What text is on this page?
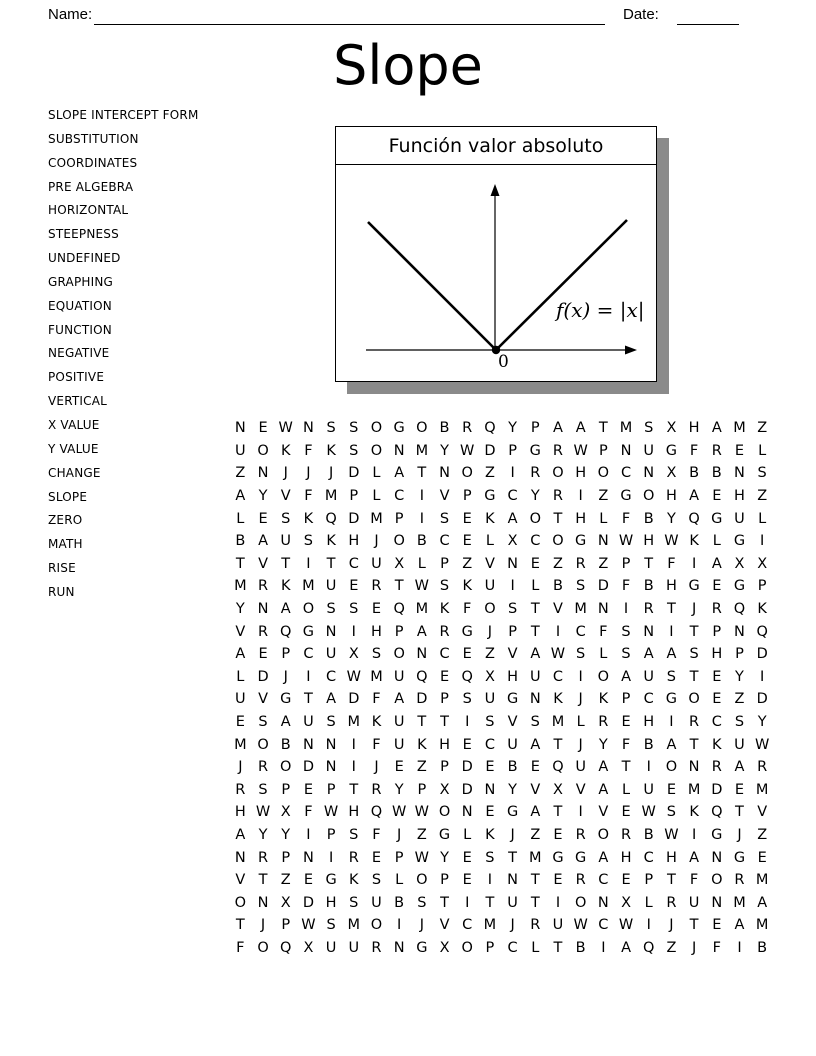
Name:	Date:
Slope
SLOPE INTERCEPT FORM
SUBSTITUTION
COORDINATES
PRE ALGEBRA
HORIZONTAL
STEEPNESS
UNDEFINED
GRAPHING
EQUATION
FUNCTION
NEGATIVE
POSITIVE
VERTICAL
X VALUE
Y VALUE
CHANGE
SLOPE
ZERO
MATH
RISE
RUN
Función valor absoluto
0
f(x) = |x|
N E W N S S O G O B R Q Y P A A T M S X H A M Z
U O K F K S O N M Y W D P G R W P N U G F R E L
Z N	J	J	J	D L A T N O Z	I	R O H O C N X B B N S
A Y V F M P L C	I	V P G C Y R	I	Z G O H A E H Z
L E S K Q D M P	I	S E K A O T H L F B Y Q G U L
B A U S K H	J	O B C E L X C O G N W H W K L G	I
T V T	I	T C U X L P Z V N E Z R Z P T F	I	A X X
M R K M U E R T W S K U	I	L B S D F B H G E G P
Y N A O S S E Q M K F O S T V M N	I	R T	J	R Q K
V R Q G N	I	H P A R G	J	P T	I	C F S N	I	T P N Q
A E P C U X S O N C E Z V A W S L S A A S H P D
L D	J	I	C W M U Q E Q X H U C	I	O A U S T E Y	I
U V G T A D F A D P S U G N K	J	K P C G O E Z D
E S A U S M K U T T	I	S V S M L R E H	I	R C S Y
M O B N N	I	F U K H E C U A T	J	Y F B A T K U W
J	R O D N	I	J	E Z P D E B E Q U A T	I	O N R A R
R S P E P T R Y P X D N Y V X V A L U E M D E M
H W X F W H Q W W O N E G A T	I	V E W S K Q T V
A Y Y	I	P S F	J	Z G L K	J	Z E R O R B W I	G	J	Z
N R P N	I	R E P W Y E S T M G G A H C H A N G E
V T Z E G K S L O P E	I	N T E R C E P T F O R M
O N X D H S U B S T	I	T U T	I	O N X L R U N M A
T	J	P W S M O	I	J	V C M J	R U W C W I	J	T E A M
F O Q X U U R N G X O P C L T B	I	A Q Z	J	F	I	B
